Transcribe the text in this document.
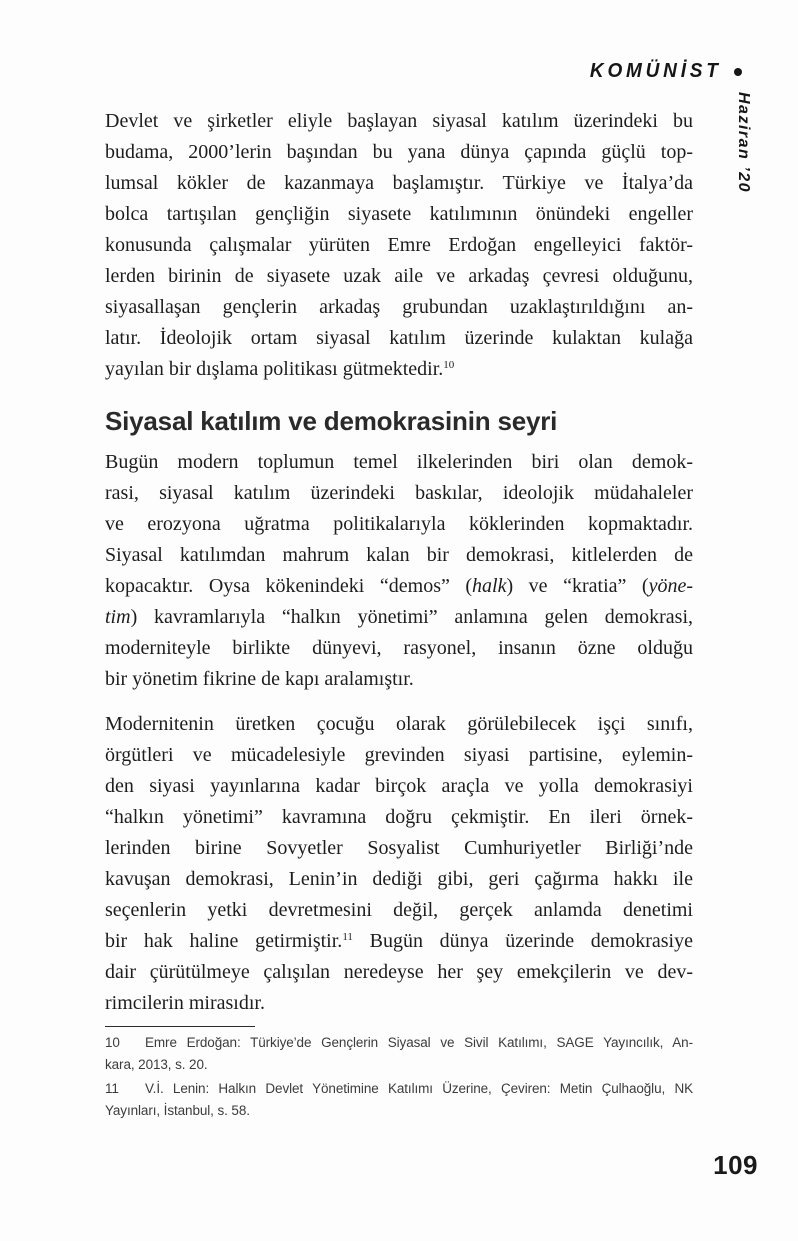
KOMÜNİST
Haziran ’20
Devlet ve şirketler eliyle başlayan siyasal katılım üzerindeki bu
budama, 2000’lerin başından bu yana dünya çapında güçlü top-
lumsal kökler de kazanmaya başlamıştır. Türkiye ve İtalya’da
bolca tartışılan gençliğin siyasete katılımının önündeki engeller
konusunda çalışmalar yürüten Emre Erdoğan engelleyici faktör-
lerden birinin de siyasete uzak aile ve arkadaş çevresi olduğunu,
siyasallaşan gençlerin arkadaş grubundan uzaklaştırıldığını an-
latır. İdeolojik ortam siyasal katılım üzerinde kulaktan kulağa
yayılan bir dışlama politikası gütmektedir.$^{10}$
Siyasal katılım ve demokrasinin seyri
Bugün modern toplumun temel ilkelerinden biri olan demok-
rasi, siyasal katılım üzerindeki baskılar, ideolojik müdahaleler
ve erozyona uğratma politikalarıyla köklerinden kopmaktadır.
Siyasal katılımdan mahrum kalan bir demokrasi, kitlelerden de
kopacaktır. Oysa kökenindeki “demos” (halk) ve “kratia” (yöne-
tim) kavramlarıyla “halkın yönetimi” anlamına gelen demokrasi,
moderniteyle birlikte dünyevi, rasyonel, insanın özne olduğu
bir yönetim fikrine de kapı aralamıştır.
Modernitenin üretken çocuğu olarak görülebilecek işçi sınıfı,
örgütleri ve mücadelesiyle grevinden siyasi partisine, eylemin-
den siyasi yayınlarına kadar birçok araçla ve yolla demokrasiyi
“halkın yönetimi” kavramına doğru çekmiştir. En ileri örnek-
lerinden birine Sovyetler Sosyalist Cumhuriyetler Birliği’nde
kavuşan demokrasi, Lenin’in dediği gibi, geri çağırma hakkı ile
seçenlerin yetki devretmesini değil, gerçek anlamda denetimi
bir hak haline getirmiştir.$^{11}$ Bugün dünya üzerinde demokrasiye
dair çürütülmeye çalışılan neredeyse her şey emekçilerin ve dev-
rimcilerin mirasıdır.
10 Emre Erdoğan: Türkiye’de Gençlerin Siyasal ve Sivil Katılımı, SAGE Yayıncılık, An-
kara, 2013, s. 20.
11 V.İ. Lenin: Halkın Devlet Yönetimine Katılımı Üzerine, Çeviren: Metin Çulhaoğlu, NK
Yayınları, İstanbul, s. 58.
109
